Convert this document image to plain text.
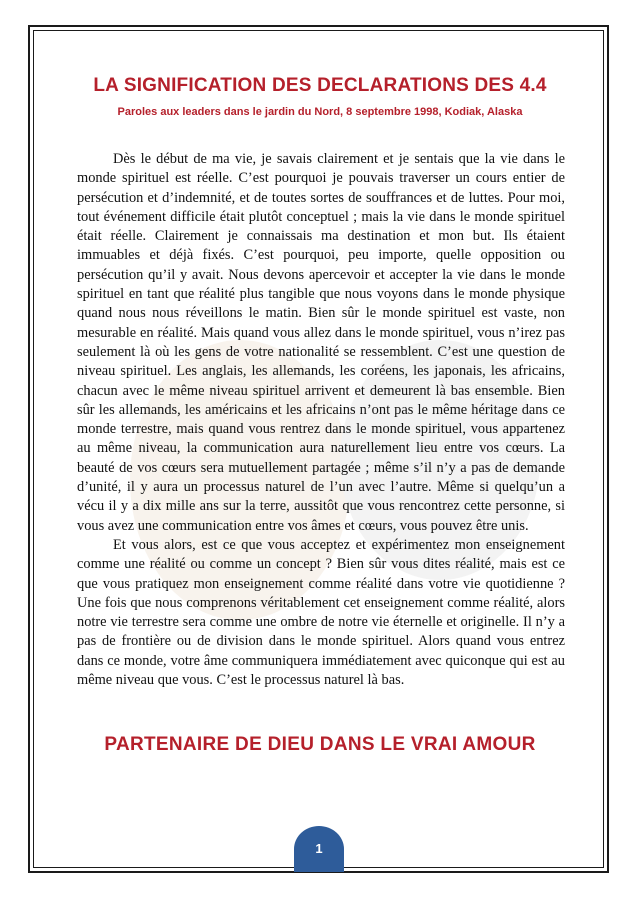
LA SIGNIFICATION DES DECLARATIONS DES 4.4
Paroles aux leaders dans le jardin du Nord, 8 septembre 1998, Kodiak, Alaska

Dès le début de ma vie, je savais clairement et je sentais que la vie dans le monde spirituel est réelle. C’est pourquoi je pouvais traverser un cours entier de persécution et d’indemnité, et de toutes sortes de souffrances et de luttes. Pour moi, tout événement difficile était plutôt conceptuel ; mais la vie dans le monde spirituel était réelle. Clairement je connaissais ma destination et mon but. Ils étaient immuables et déjà fixés. C’est pourquoi, peu importe, quelle opposition ou persécution qu’il y avait. Nous devons apercevoir et accepter la vie dans le monde spirituel en tant que réalité plus tangible que nous voyons dans le monde physique quand nous nous réveillons le matin. Bien sûr le monde spirituel est vaste, non mesurable en réalité. Mais quand vous allez dans le monde spirituel, vous n’irez pas seulement là où les gens de votre nationalité se ressemblent. C’est une question de niveau spirituel. Les anglais, les allemands, les coréens, les japonais, les africains, chacun avec le même niveau spirituel arrivent et demeurent là bas ensemble. Bien sûr les allemands, les américains et les africains n’ont pas le même héritage dans ce monde terrestre, mais quand vous rentrez dans le monde spirituel, vous appartenez au même niveau, la communication aura naturellement lieu entre vos cœurs. La beauté de vos cœurs sera mutuellement partagée ; même s’il n’y a pas de demande d’unité, il y aura un processus naturel de l’un avec l’autre. Même si quelqu’un a vécu il y a dix mille ans sur la terre, aussitôt que vous rencontrez cette personne, si vous avez une communication entre vos âmes et cœurs, vous pouvez être unis.

Et vous alors, est ce que vous acceptez et expérimentez mon enseignement comme une réalité ou comme un concept ? Bien sûr vous dites réalité, mais est ce que vous pratiquez mon enseignement comme réalité dans votre vie quotidienne ? Une fois que nous comprenons véritablement cet enseignement comme réalité, alors notre vie terrestre sera comme une ombre de notre vie éternelle et originelle. Il n’y a pas de frontière ou de division dans le monde spirituel. Alors quand vous entrez dans ce monde, votre âme communiquera immédiatement avec quiconque qui est au même niveau que vous. C’est le processus naturel là bas.

PARTENAIRE DE DIEU DANS LE VRAI AMOUR
1
